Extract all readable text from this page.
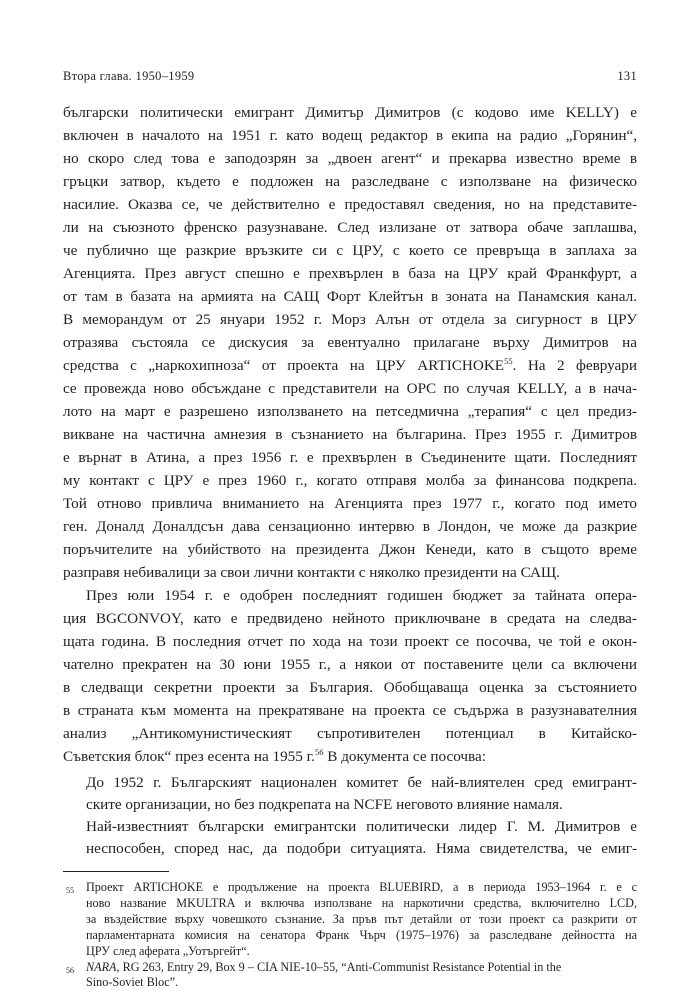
Втора глава. 1950–1959	131
български политически емигрант Димитър Димитров (с кодово име KELLY) е
включен в началото на 1951 г. като водещ редактор в екипа на радио „Горянин“,
но скоро след това е заподозрян за „двоен агент“ и прекарва известно време в
гръцки затвор, където е подложен на разследване с използване на физическо
насилие. Оказва се, че действително е предоставял сведения, но на представите-
ли на съюзното френско разузнаване. След излизане от затвора обаче заплашва,
че публично ще разкрие връзките си с ЦРУ, с което се превръща в заплаха за
Агенцията. През август спешно е прехвърлен в база на ЦРУ край Франкфурт, а
от там в базата на армията на САЩ Форт Клейтън в зоната на Панамския канал.
В меморандум от 25 януари 1952 г. Морз Алън от отдела за сигурност в ЦРУ
отразява състояла се дискусия за евентуално прилагане върху Димитров на
средства с „наркохипноза“ от проекта на ЦРУ ARTICHOKE$^{55}$. На 2 февруари
се провежда ново обсъждане с представители на OPC по случая KELLY, а в нача-
лото на март е разрешено използването на петседмична „терапия“ с цел предиз-
викване на частична амнезия в съзнанието на българина. През 1955 г. Димитров
е върнат в Атина, а през 1956 г. е прехвърлен в Съединените щати. Последният
му контакт с ЦРУ е през 1960 г., когато отправя молба за финансова подкрепа.
Той отново привлича вниманието на Агенцията през 1977 г., когато под името
ген. Доналд Доналдсън дава сензационно интервю в Лондон, че може да разкрие
поръчителите на убийството на президента Джон Кенеди, като в същото време
разправя небивалици за свои лични контакти с няколко президенти на САЩ.
През юли 1954 г. е одобрен последният годишен бюджет за тайната опера-
ция BGCONVOY, като е предвидено нейното приключване в средата на следва-
щата година. В последния отчет по хода на този проект се посочва, че той е окон-
чателно прекратен на 30 юни 1955 г., а някои от поставените цели са включени
в следващи секретни проекти за България. Обобщаваща оценка за състоянието
в страната към момента на прекратяване на проекта се съдържа в разузнавателния
анализ „Антикомунистическият съпротивителен потенциал в Китайско-
Съветския блок“ през есента на 1955 г.$^{56}$ В документа се посочва:
До 1952 г. Българският национален комитет бе най-влиятелен сред емигрант-
ските организации, но без подкрепата на NCFE неговото влияние намаля.
Най-известният български емигрантски политически лидер Г. М. Димитров е
неспособен, според нас, да подобри ситуацията. Няма свидетелства, че емиг-
55 Проект ARTICHOKE е продължение на проекта BLUEBIRD, а в периода 1953–1964 г. е с
ново название MKULTRA и включва използване на наркотични средства, включително LCD,
за въздействие върху човешкото съзнание. За пръв път детайли от този проект са разкрити от
парламентарната комисия на сенатора Франк Чърч (1975–1976) за разследване дейността на
ЦРУ след аферата „Уотъргейт“.
56 NARA, RG 263, Entry 29, Box 9 – CIA NIE-10–55, “Anti-Communist Resistance Potential in the
Sino-Soviet Bloc”.
